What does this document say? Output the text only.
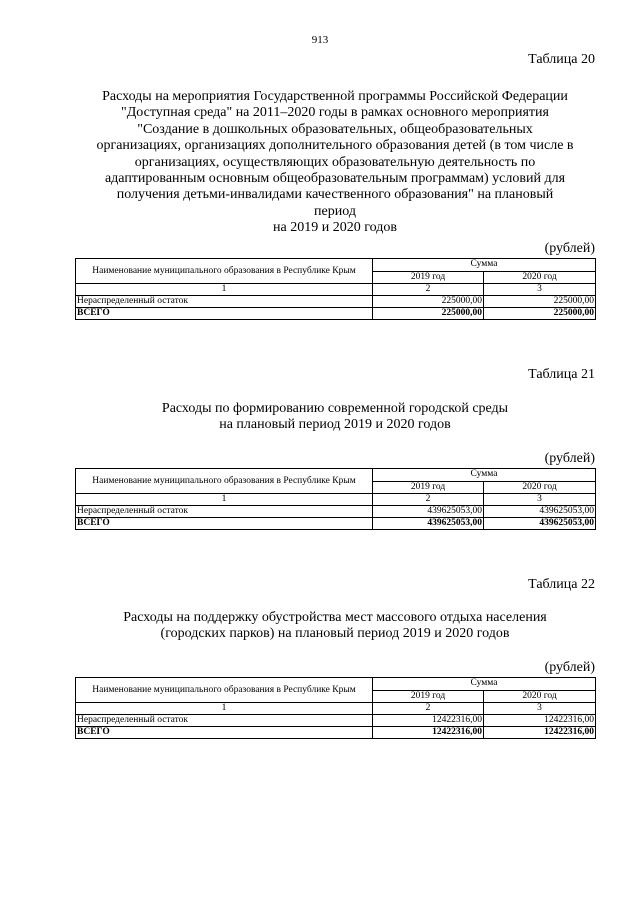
913
Таблица 20
Расходы на мероприятия Государственной программы Российской Федерации
"Доступная среда" на 2011–2020 годы в рамках основного мероприятия
"Создание в дошкольных образовательных, общеобразовательных
организациях, организациях дополнительного образования детей (в том числе в
организациях, осуществляющих образовательную деятельность по
адаптированным основным общеобразовательным программам) условий для
получения детьми-инвалидами качественного образования" на плановый
период
на 2019 и 2020 годов
(рублей)
Наименование муниципального образования в Республике Крым	Сумма	
	2019 год	2020 год
1	2	3
Нераспределенный остаток	225000,00	225000,00
ВСЕГО	225000,00	225000,00
Таблица 21
Расходы по формированию современной городской среды
на плановый период 2019 и 2020 годов
(рублей)
Наименование муниципального образования в Республике Крым	Сумма	
	2019 год	2020 год
1	2	3
Нераспределенный остаток	439625053,00	439625053,00
ВСЕГО	439625053,00	439625053,00
Таблица 22
Расходы на поддержку обустройства мест массового отдыха населения
(городских парков) на плановый период 2019 и 2020 годов
(рублей)
Наименование муниципального образования в Республике Крым	Сумма	
	2019 год	2020 год
1	2	3
Нераспределенный остаток	12422316,00	12422316,00
ВСЕГО	12422316,00	12422316,00
